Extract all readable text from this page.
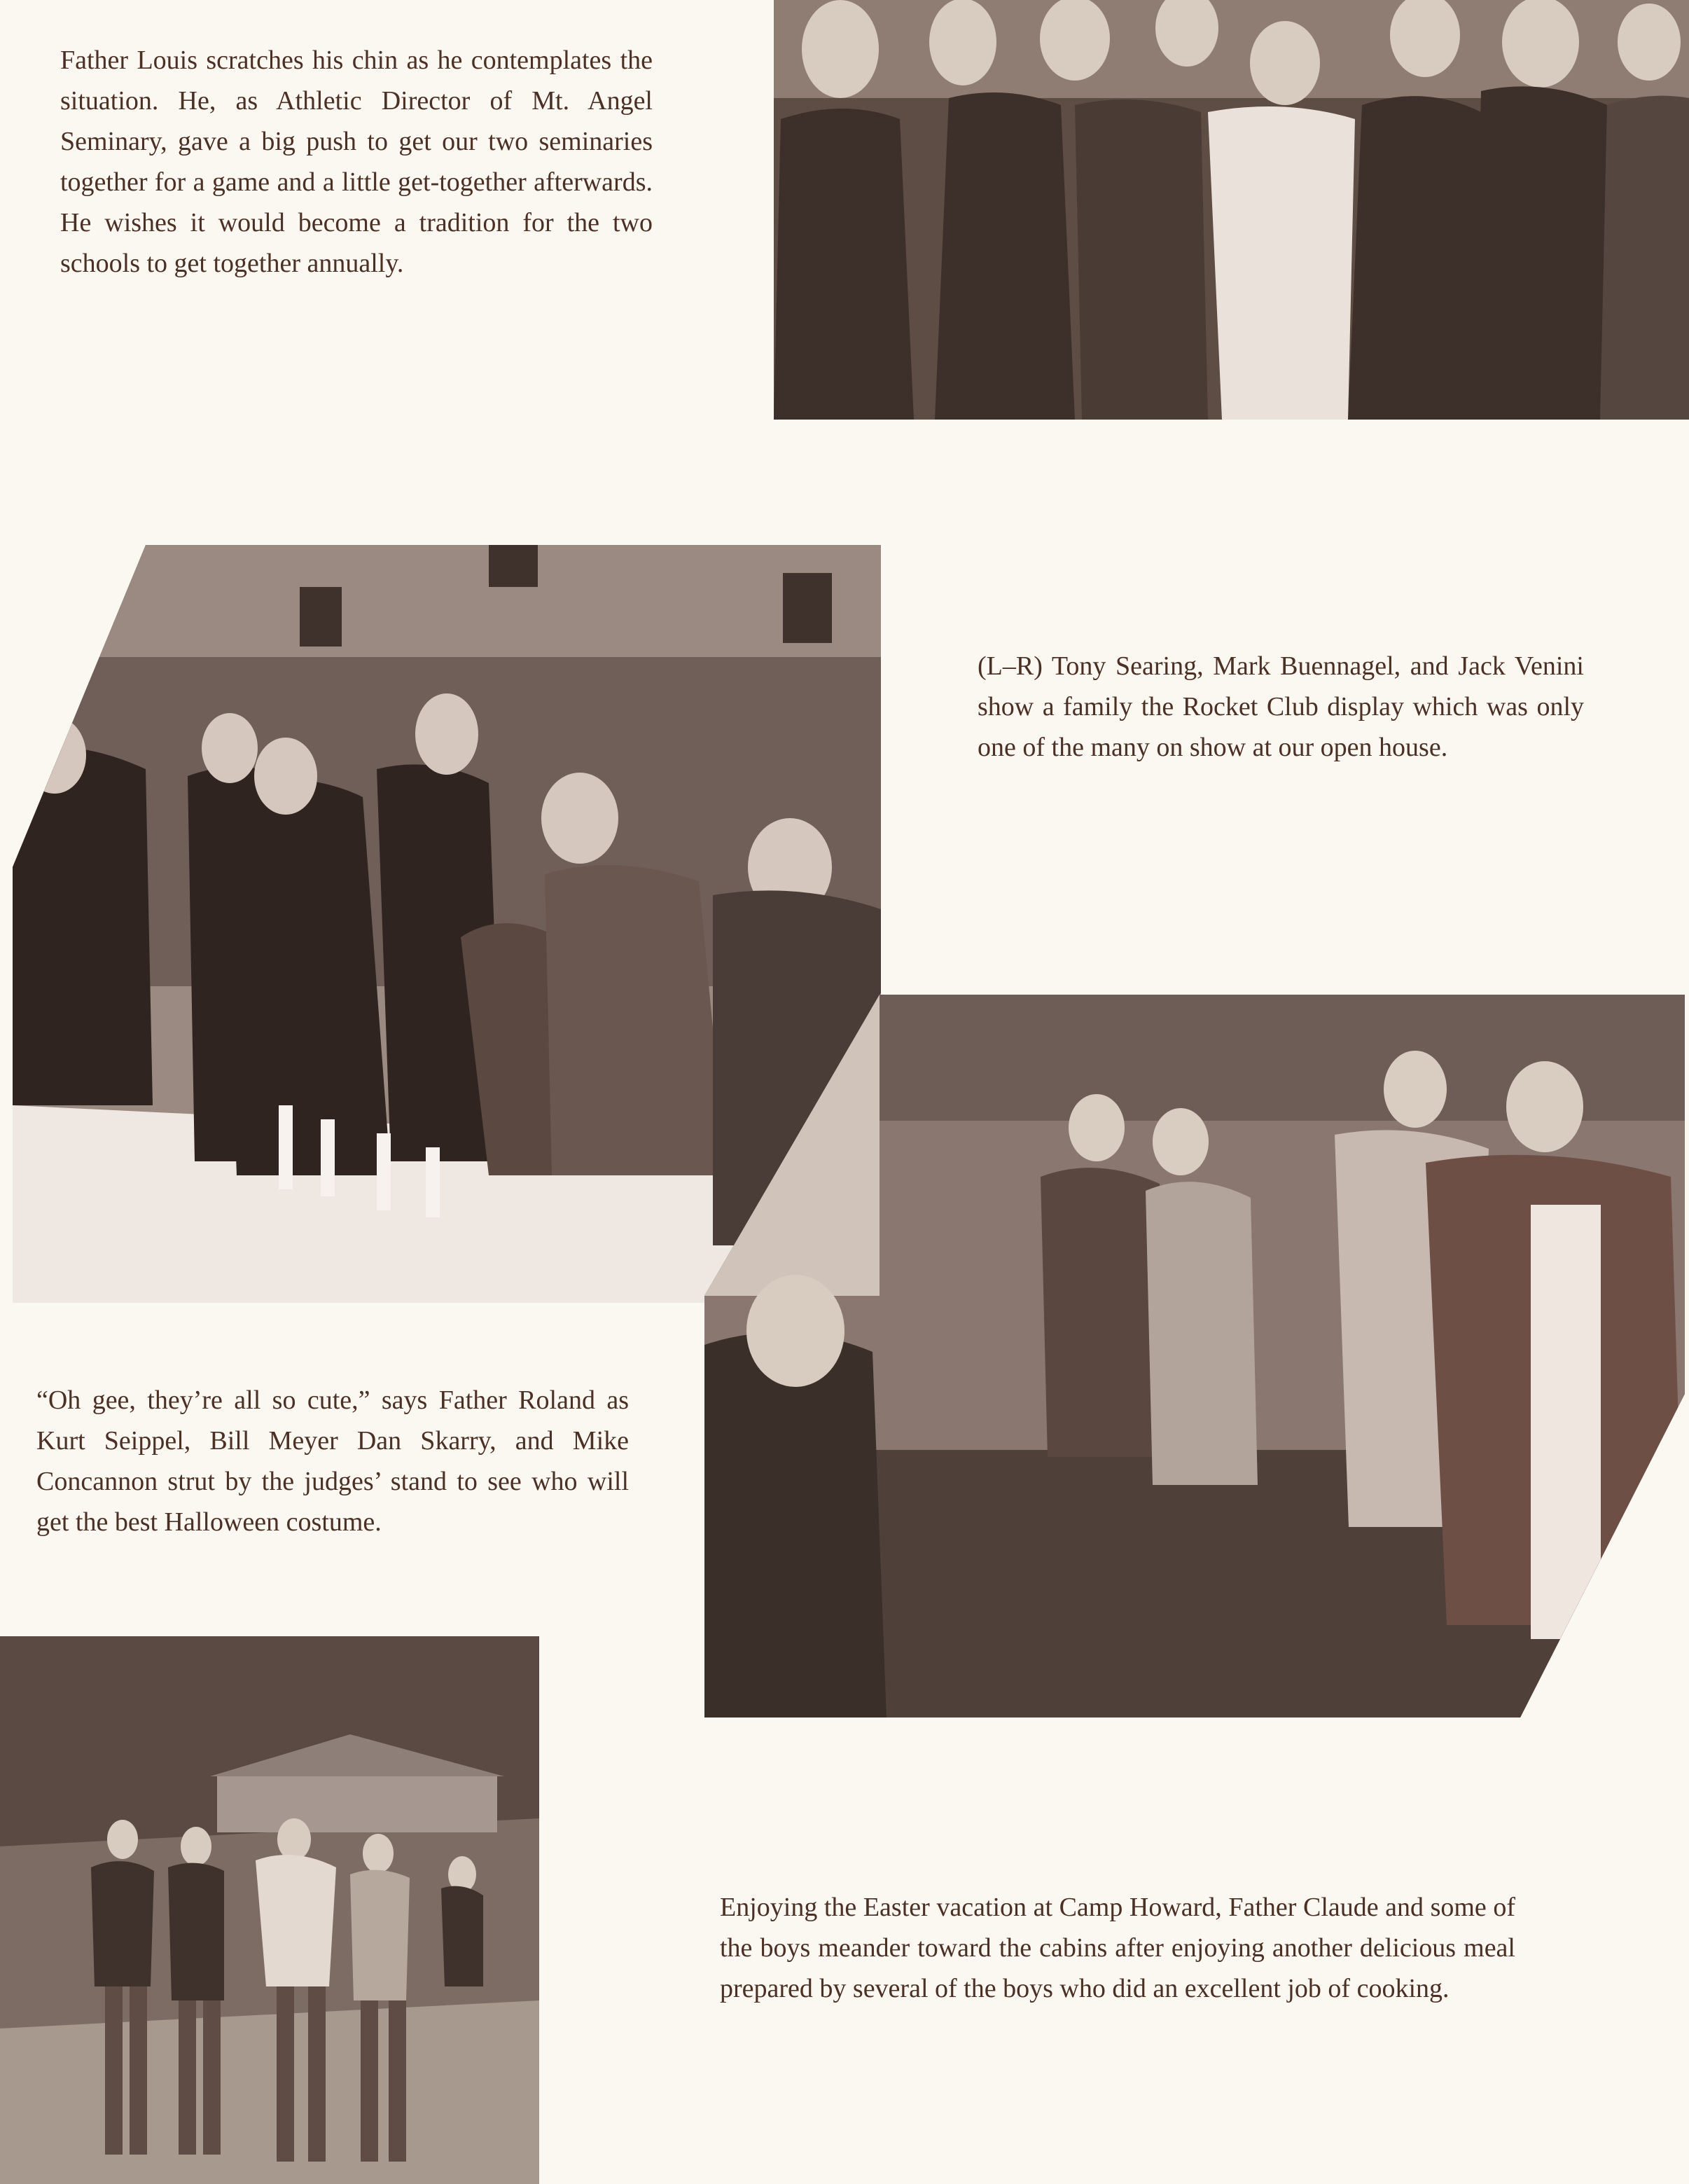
Father Louis scratches his chin as he contemplates the situation. He, as Athletic Director of Mt. Angel Seminary, gave a big push to get our two seminaries together for a game and a little get-together afterwards. He wishes it would become a tradition for the two schools to get together annually.

(L–R) Tony Searing, Mark Buennagel, and Jack Venini show a family the Rocket Club display which was only one of the many on show at our open house.

“Oh gee, they’re all so cute,” says Father Roland as Kurt Seippel, Bill Meyer Dan Skarry, and Mike Concannon strut by the judges’ stand to see who will get the best Halloween costume.

Enjoying the Easter vacation at Camp Howard, Father Claude and some of the boys meander toward the cabins after enjoying another delicious meal prepared by several of the boys who did an excellent job of cooking.
